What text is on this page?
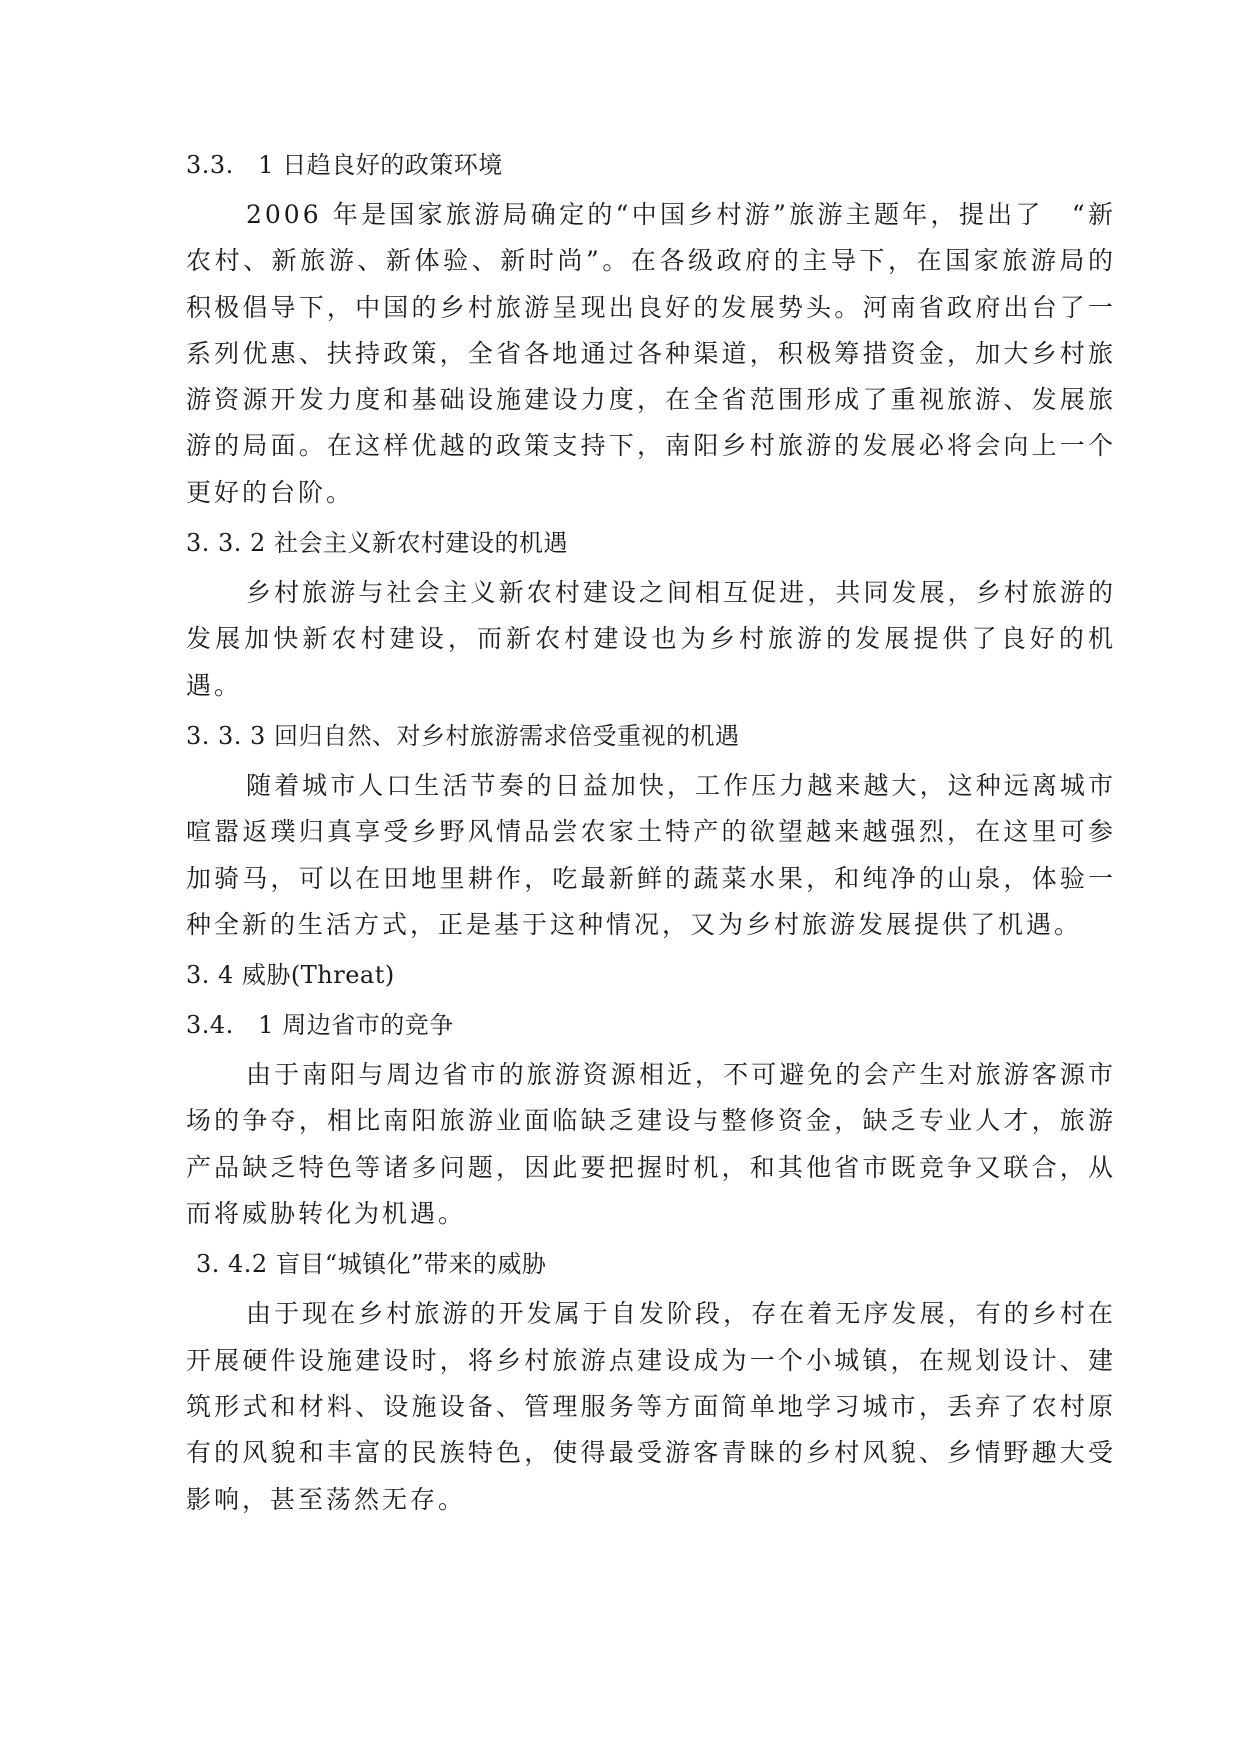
3.3.　1 日趋良好的政策环境

2006 年是国家旅游局确定的“中国乡村游”旅游主题年，提出了　“新农村、新旅游、新体验、新时尚”。在各级政府的主导下，在国家旅游局的积极倡导下，中国的乡村旅游呈现出良好的发展势头。河南省政府出台了一系列优惠、扶持政策，全省各地通过各种渠道，积极筹措资金，加大乡村旅游资源开发力度和基础设施建设力度，在全省范围形成了重视旅游、发展旅游的局面。在这样优越的政策支持下，南阳乡村旅游的发展必将会向上一个更好的台阶。

3. 3. 2 社会主义新农村建设的机遇

乡村旅游与社会主义新农村建设之间相互促进，共同发展，乡村旅游的发展加快新农村建设，而新农村建设也为乡村旅游的发展提供了良好的机遇。

3. 3. 3 回归自然、对乡村旅游需求倍受重视的机遇

随着城市人口生活节奏的日益加快，工作压力越来越大，这种远离城市喧嚣返璞归真享受乡野风情品尝农家土特产的欲望越来越强烈，在这里可参加骑马，可以在田地里耕作，吃最新鲜的蔬菜水果，和纯净的山泉，体验一种全新的生活方式，正是基于这种情况，又为乡村旅游发展提供了机遇。

3. 4 威胁(Threat)
3.4.　1 周边省市的竞争

由于南阳与周边省市的旅游资源相近，不可避免的会产生对旅游客源市场的争夺，相比南阳旅游业面临缺乏建设与整修资金，缺乏专业人才，旅游产品缺乏特色等诸多问题，因此要把握时机，和其他省市既竞争又联合，从而将威胁转化为机遇。

3. 4.2 盲目“城镇化”带来的威胁

由于现在乡村旅游的开发属于自发阶段，存在着无序发展，有的乡村在开展硬件设施建设时，将乡村旅游点建设成为一个小城镇，在规划设计、建筑形式和材料、设施设备、管理服务等方面简单地学习城市，丢弃了农村原有的风貌和丰富的民族特色，使得最受游客青睐的乡村风貌、乡情野趣大受影响，甚至荡然无存。
